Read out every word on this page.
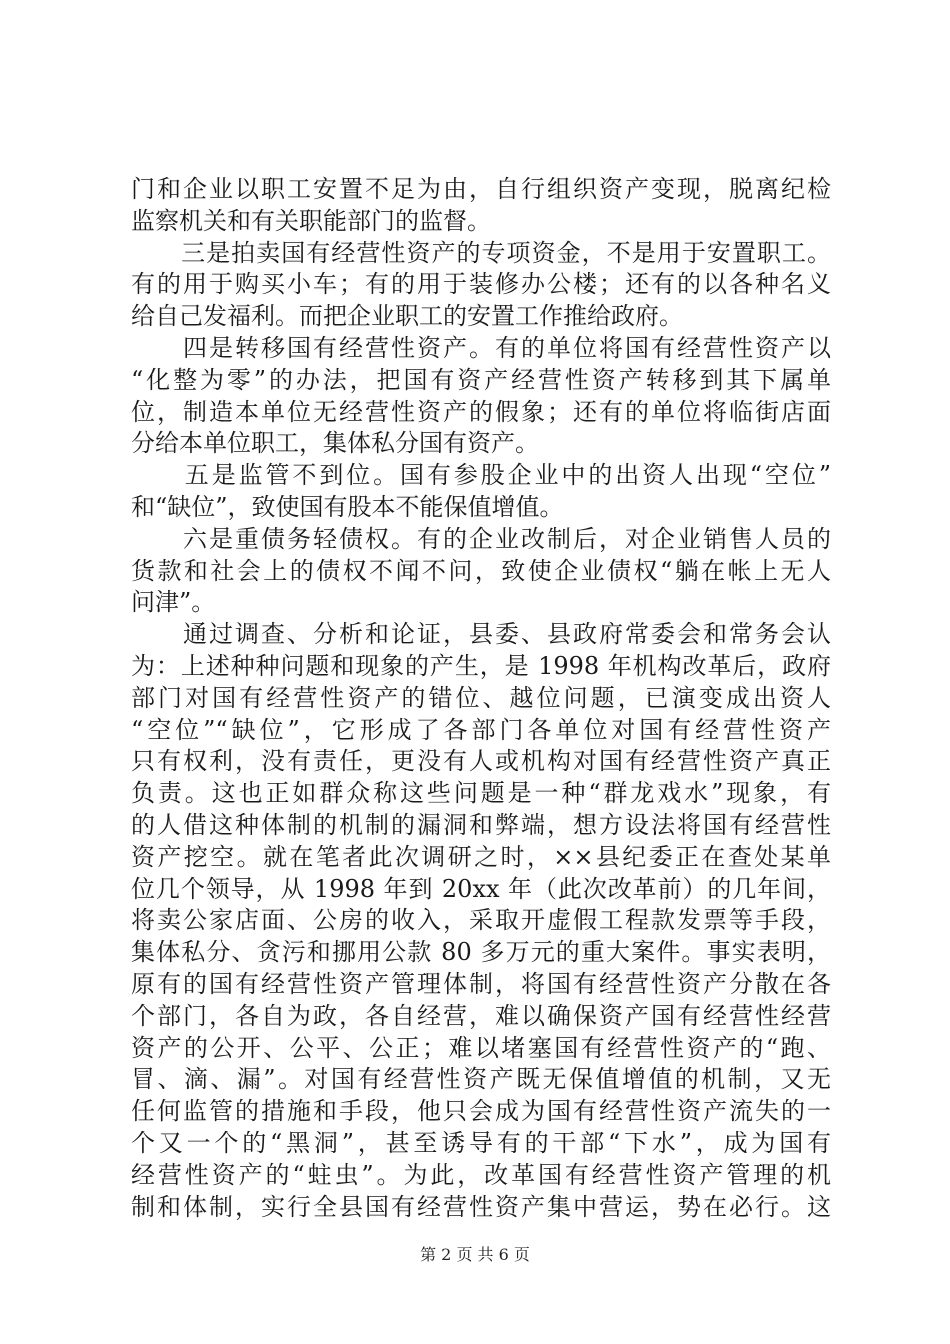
门和企业以职工安置不足为由，自行组织资产变现，脱离纪检
监察机关和有关职能部门的监督。
　　三是拍卖国有经营性资产的专项资金，不是用于安置职工。
有的用于购买小车；有的用于装修办公楼；还有的以各种名义
给自己发福利。而把企业职工的安置工作推给政府。
　　四是转移国有经营性资产。有的单位将国有经营性资产以
“化整为零”的办法，把国有资产经营性资产转移到其下属单
位，制造本单位无经营性资产的假象；还有的单位将临街店面
分给本单位职工，集体私分国有资产。
　　五是监管不到位。国有参股企业中的出资人出现“空位”
和“缺位”，致使国有股本不能保值增值。
　　六是重债务轻债权。有的企业改制后，对企业销售人员的
货款和社会上的债权不闻不问，致使企业债权“躺在帐上无人
问津”。
　　通过调查、分析和论证，县委、县政府常委会和常务会认
为：上述种种问题和现象的产生，是 1998 年机构改革后，政府
部门对国有经营性资产的错位、越位问题，已演变成出资人
“空位”“缺位”，它形成了各部门各单位对国有经营性资产
只有权利，没有责任，更没有人或机构对国有经营性资产真正
负责。这也正如群众称这些问题是一种“群龙戏水”现象，有
的人借这种体制的机制的漏洞和弊端，想方设法将国有经营性
资产挖空。就在笔者此次调研之时，××县纪委正在查处某单
位几个领导，从 1998 年到 20xx 年（此次改革前）的几年间，
将卖公家店面、公房的收入，采取开虚假工程款发票等手段，
集体私分、贪污和挪用公款 80 多万元的重大案件。事实表明，
原有的国有经营性资产管理体制，将国有经营性资产分散在各
个部门，各自为政，各自经营，难以确保资产国有经营性经营
资产的公开、公平、公正；难以堵塞国有经营性资产的“跑、
冒、滴、漏”。对国有经营性资产既无保值增值的机制，又无
任何监管的措施和手段，他只会成为国有经营性资产流失的一
个又一个的“黑洞”，甚至诱导有的干部“下水”，成为国有
经营性资产的“蛀虫”。为此，改革国有经营性资产管理的机
制和体制，实行全县国有经营性资产集中营运，势在必行。这
第 2 页 共 6 页
